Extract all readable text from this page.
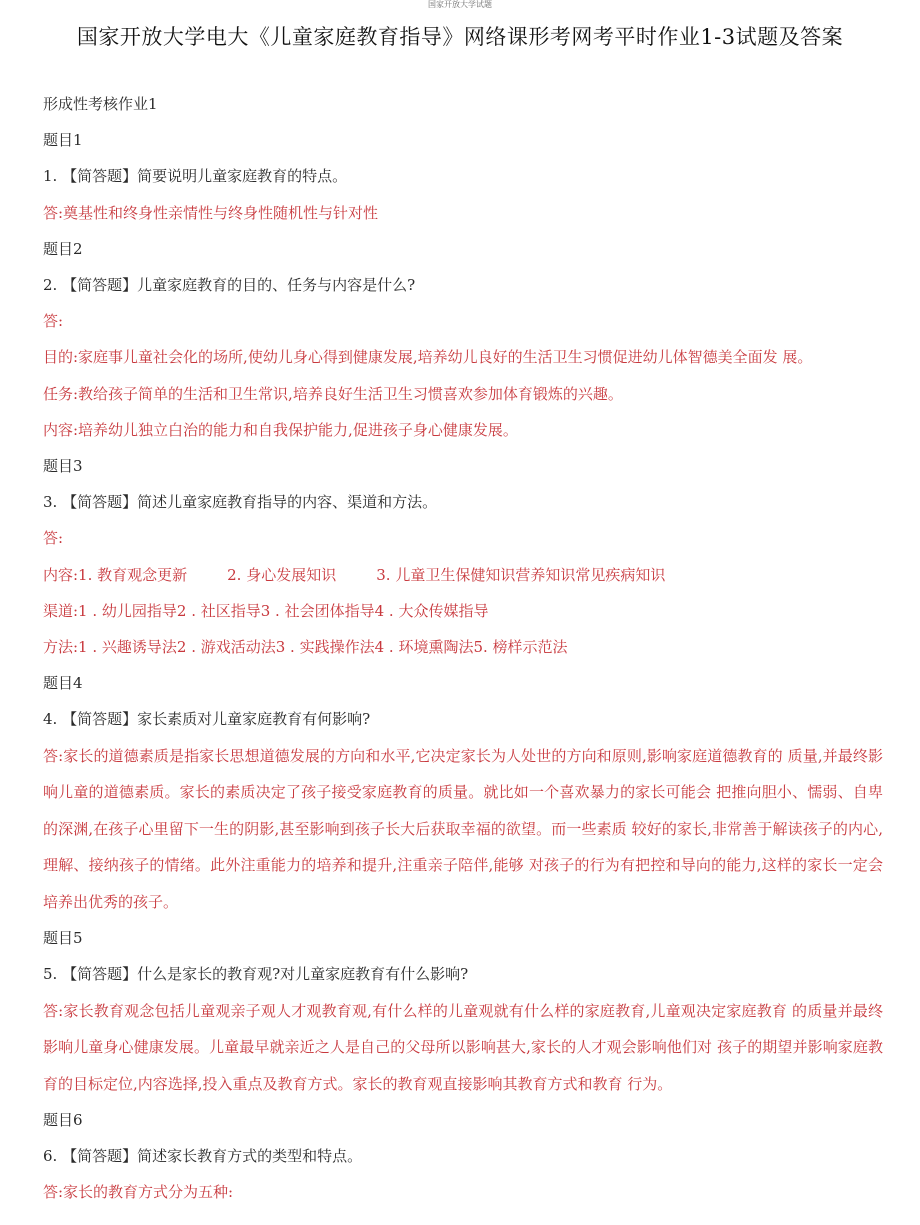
国家开放大学试题
国家开放大学电大《儿童家庭教育指导》网络课形考网考平时作业1-3试题及答案
形成性考核作业1
题目1
1. 【简答题】简要说明儿童家庭教育的特点。
答:奠基性和终身性亲情性与终身性随机性与针对性
题目2
2. 【简答题】儿童家庭教育的目的、任务与内容是什么?
答:
目的:家庭事儿童社会化的场所,使幼儿身心得到健康发展,培养幼儿良好的生活卫生习惯促进幼儿体智德美全面发 展。
任务:教给孩子简单的生活和卫生常识,培养良好生活卫生习惯喜欢参加体育锻炼的兴趣。
内容:培养幼儿独立白治的能力和自我保护能力,促进孩子身心健康发展。
题目3
3. 【简答题】简述儿童家庭教育指导的内容、渠道和方法。
答:
内容:1. 教育观念更新	2. 身心发展知识	3. 儿童卫生保健知识营养知识常见疾病知识
渠道:1 . 幼儿园指导2 . 社区指导3 . 社会团体指导4 . 大众传媒指导
方法:1 . 兴趣诱导法2 . 游戏活动法3 . 实践操作法4 . 环境熏陶法5. 榜样示范法
题目4
4. 【简答题】家长素质对儿童家庭教育有何影响?
答:家长的道德素质是指家长思想道德发展的方向和水平,它决定家长为人处世的方向和原则,影响家庭道德教育的 质量,并最终影响儿童的道德素质。家长的素质决定了孩子接受家庭教育的质量。就比如一个喜欢暴力的家长可能会 把推向胆小、懦弱、自卑的深渊,在孩子心里留下一生的阴影,甚至影响到孩子长大后获取幸福的欲望。而一些素质 较好的家长,非常善于解读孩子的内心,理解、接纳孩子的情绪。此外注重能力的培养和提升,注重亲子陪伴,能够 对孩子的行为有把控和导向的能力,这样的家长一定会培养出优秀的孩子。
题目5
5. 【简答题】什么是家长的教育观?对儿童家庭教育有什么影响?
答:家长教育观念包括儿童观亲子观人才观教育观,有什么样的儿童观就有什么样的家庭教育,儿童观决定家庭教育 的质量并最终影响儿童身心健康发展。儿童最早就亲近之人是自己的父母所以影响甚大,家长的人才观会影响他们对 孩子的期望并影响家庭教育的目标定位,内容选择,投入重点及教育方式。家长的教育观直接影响其教育方式和教育 行为。
题目6
6. 【简答题】简述家长教育方式的类型和特点。
答:家长的教育方式分为五种:
